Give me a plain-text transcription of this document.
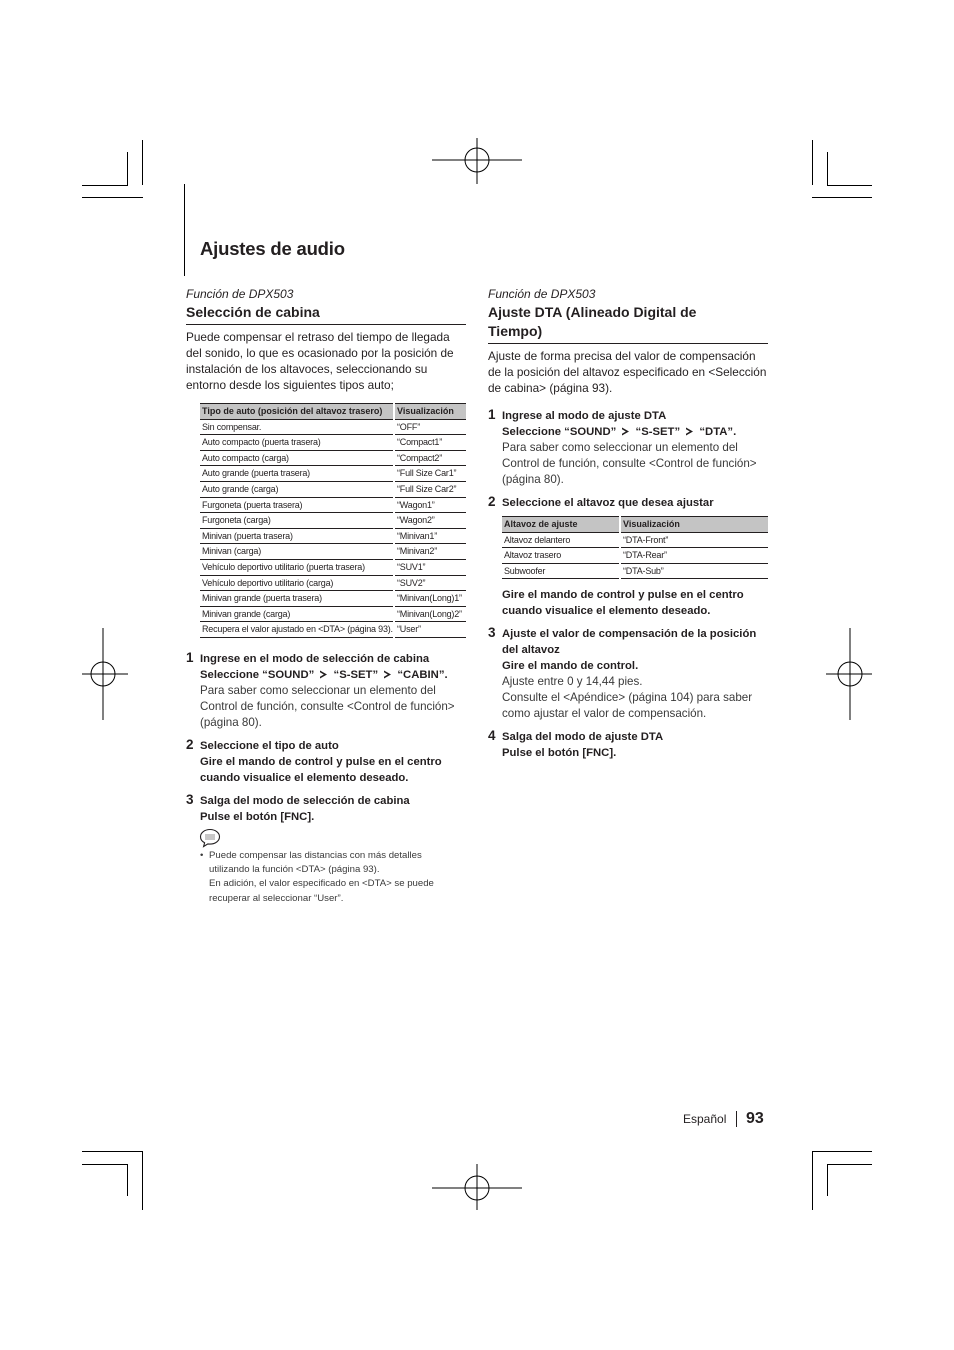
Ajustes de audio
Función de DPX503
Selección de cabina
Puede compensar el retraso del tiempo de llegada del sonido, lo que es ocasionado por la posición de instalación de los altavoces, seleccionando su entorno desde los siguientes tipos auto;
Tipo de auto (posición del altavoz trasero)	Visualización
Sin compensar.	“OFF”
Auto compacto (puerta trasera)	“Compact1”
Auto compacto (carga)	“Compact2”
Auto grande (puerta trasera)	“Full Size Car1”
Auto grande (carga)	“Full Size Car2”
Furgoneta (puerta trasera)	“Wagon1”
Furgoneta (carga)	“Wagon2”
Minivan (puerta trasera)	“Minivan1”
Minivan (carga)	“Minivan2”
Vehículo deportivo utilitario (puerta trasera)	“SUV1”
Vehículo deportivo utilitario (carga)	“SUV2”
Minivan grande (puerta trasera)	“Minivan(Long)1”
Minivan grande (carga)	“Minivan(Long)2”
Recupera el valor ajustado en <DTA> (página 93).	“User”
1 Ingrese en el modo de selección de cabina
Seleccione “SOUND” “S-SET” “CABIN”.
Para saber como seleccionar un elemento del Control de función, consulte <Control de función> (página 80).
2 Seleccione el tipo de auto
Gire el mando de control y pulse en el centro cuando visualice el elemento deseado.
3 Salga del modo de selección de cabina
Pulse el botón [FNC].
• Puede compensar las distancias con más detalles utilizando la función <DTA> (página 93).
En adición, el valor especificado en <DTA> se puede recuperar al seleccionar “User”.
Función de DPX503
Ajuste DTA (Alineado Digital de
Tiempo)
Ajuste de forma precisa del valor de compensación de la posición del altavoz especificado en <Selección de cabina> (página 93).
1 Ingrese al modo de ajuste DTA
Seleccione “SOUND” “S-SET” “DTA”.
Para saber como seleccionar un elemento del Control de función, consulte <Control de función> (página 80).
2 Seleccione el altavoz que desea ajustar
Altavoz de ajuste	Visualización
Altavoz delantero	“DTA-Front”
Altavoz trasero	“DTA-Rear”
Subwoofer	“DTA-Sub”
Gire el mando de control y pulse en el centro cuando visualice el elemento deseado.
3 Ajuste el valor de compensación de la posición del altavoz
Gire el mando de control.
Ajuste entre 0 y 14,44 pies.
Consulte el <Apéndice> (página 104) para saber como ajustar el valor de compensación.
4 Salga del modo de ajuste DTA
Pulse el botón [FNC].
Español 93
